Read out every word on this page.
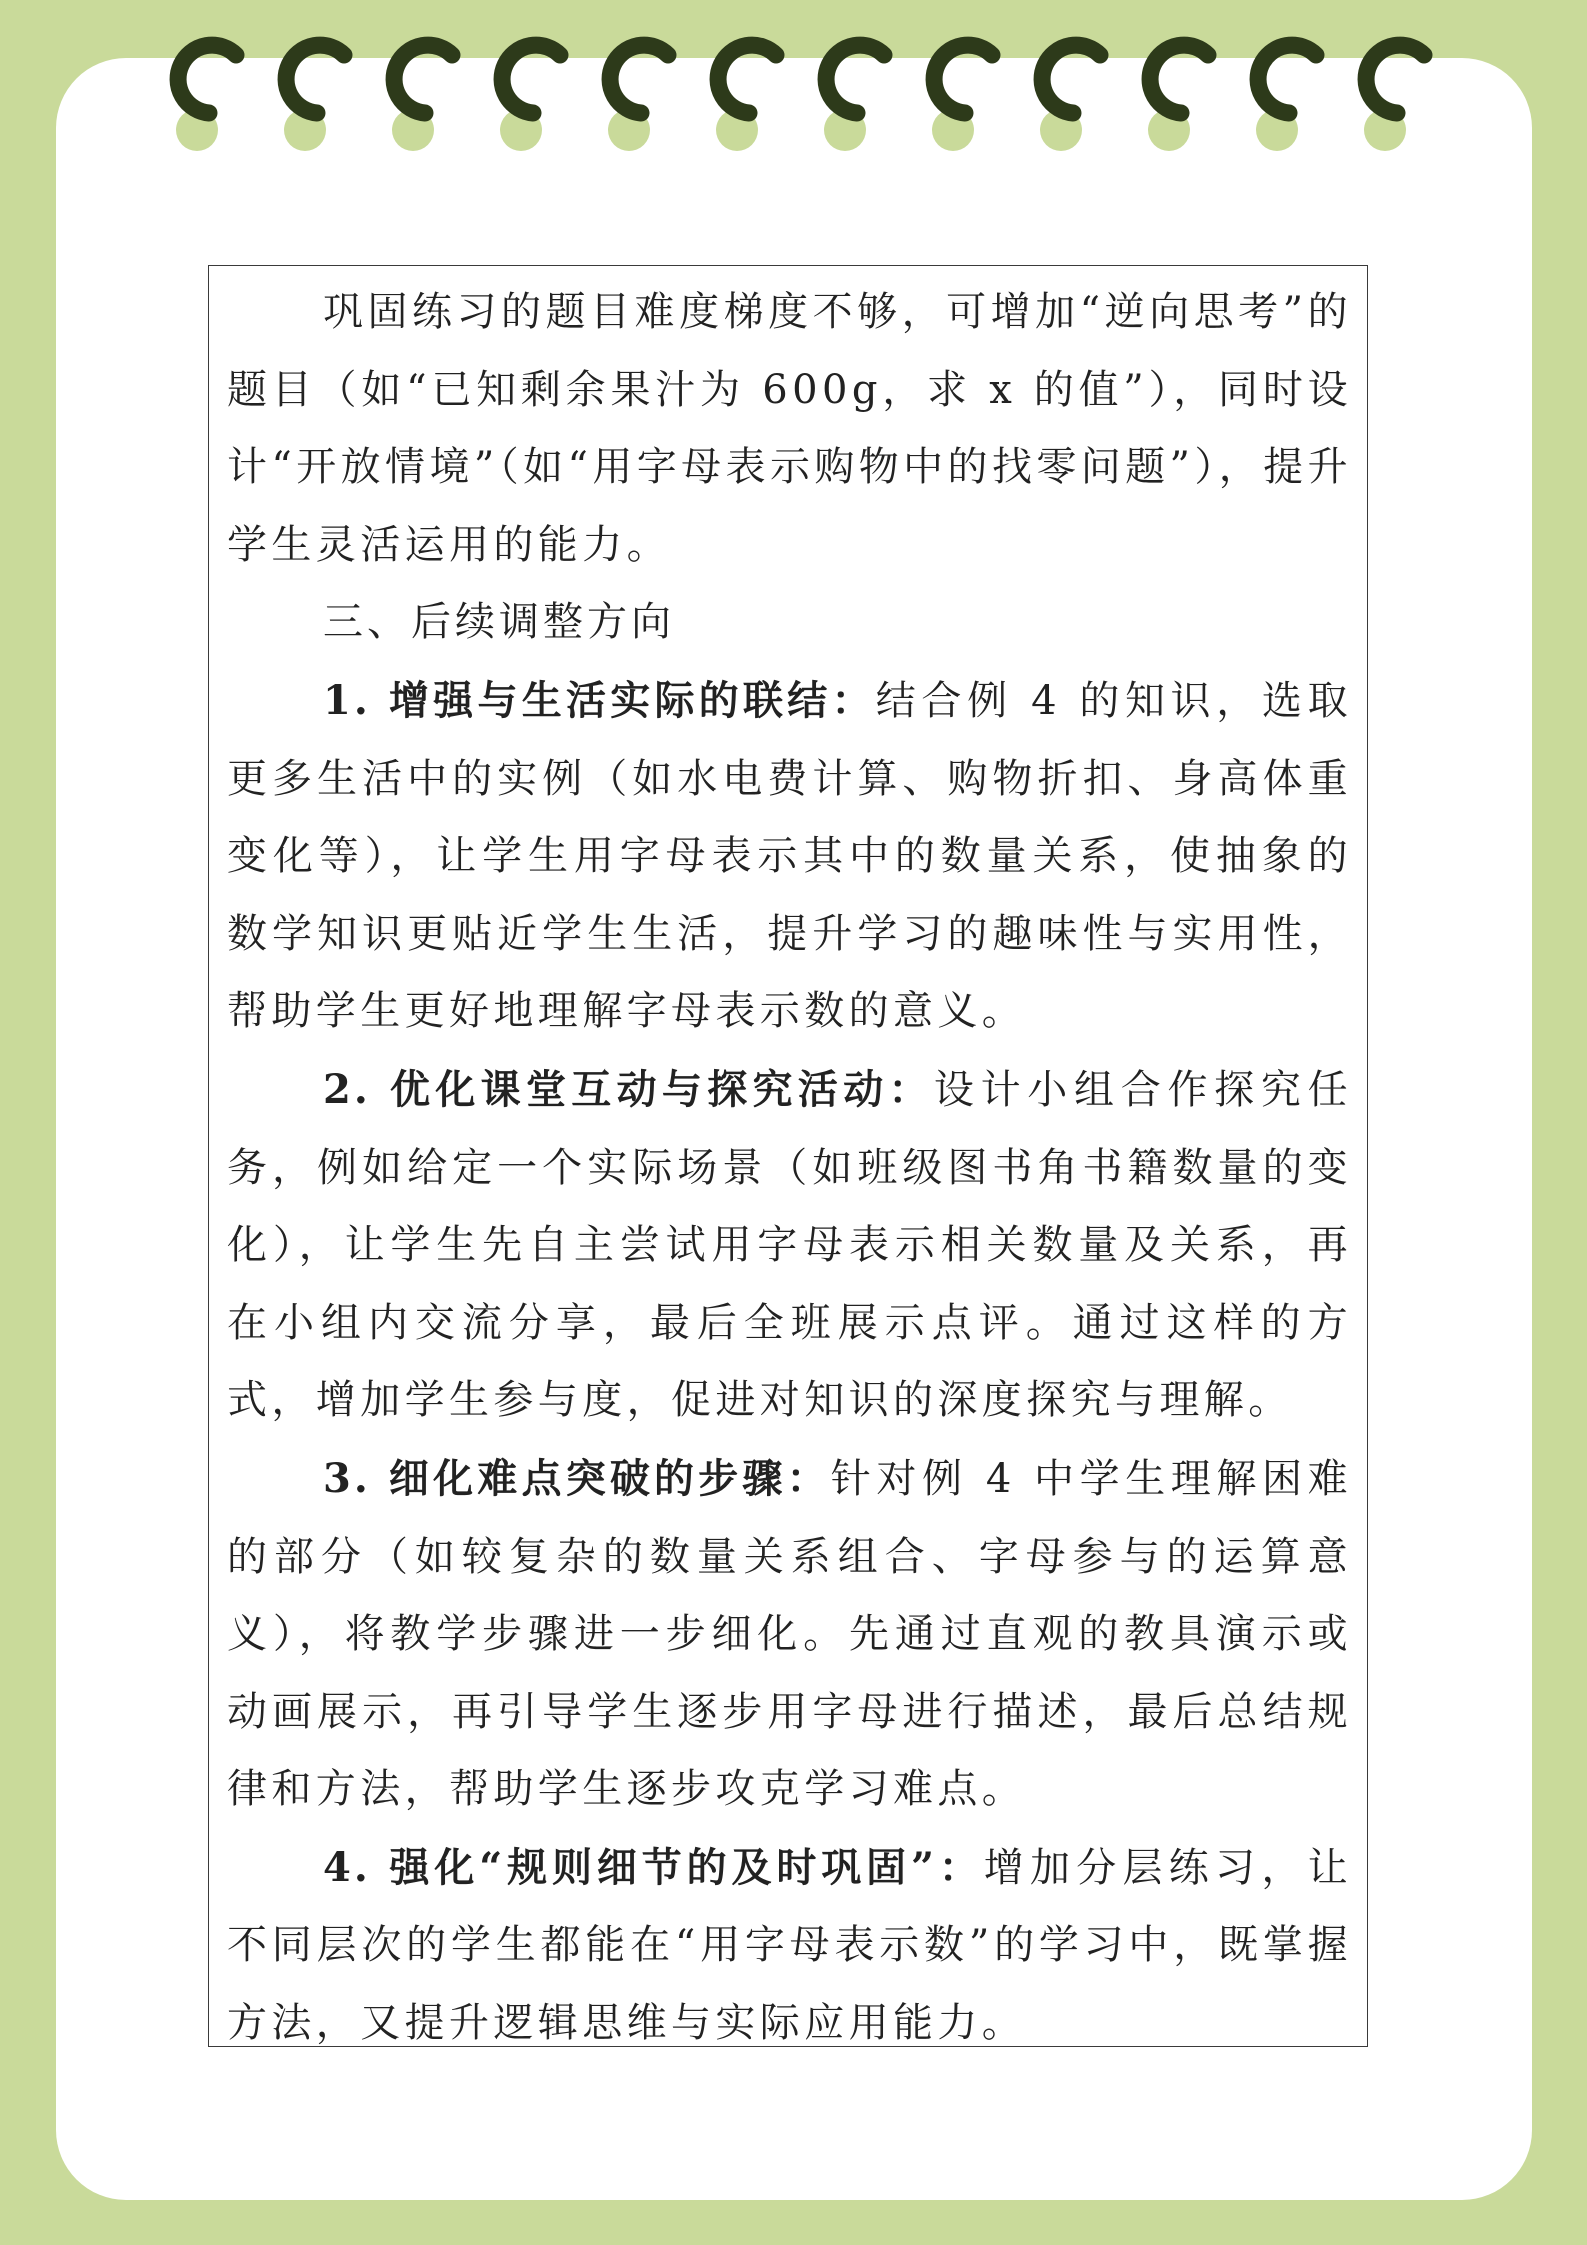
巩固练习的题目难度梯度不够，可增加“逆向思考”的题目（如“已知剩余果汁为 600g，求 x 的值”），同时设计“开放情境”（如“用字母表示购物中的找零问题”），提升学生灵活运用的能力。

三、后续调整方向

1. 增强与生活实际的联结：结合例 4 的知识，选取更多生活中的实例（如水电费计算、购物折扣、身高体重变化等），让学生用字母表示其中的数量关系，使抽象的数学知识更贴近学生生活，提升学习的趣味性与实用性，帮助学生更好地理解字母表示数的意义。

2. 优化课堂互动与探究活动：设计小组合作探究任务，例如给定一个实际场景（如班级图书角书籍数量的变化），让学生先自主尝试用字母表示相关数量及关系，再在小组内交流分享，最后全班展示点评。通过这样的方式，增加学生参与度，促进对知识的深度探究与理解。

3. 细化难点突破的步骤：针对例 4 中学生理解困难的部分（如较复杂的数量关系组合、字母参与的运算意义），将教学步骤进一步细化。先通过直观的教具演示或动画展示，再引导学生逐步用字母进行描述，最后总结规律和方法，帮助学生逐步攻克学习难点。

4. 强化“规则细节的及时巩固”：增加分层练习，让不同层次的学生都能在“用字母表示数”的学习中，既掌握方法，又提升逻辑思维与实际应用能力。
